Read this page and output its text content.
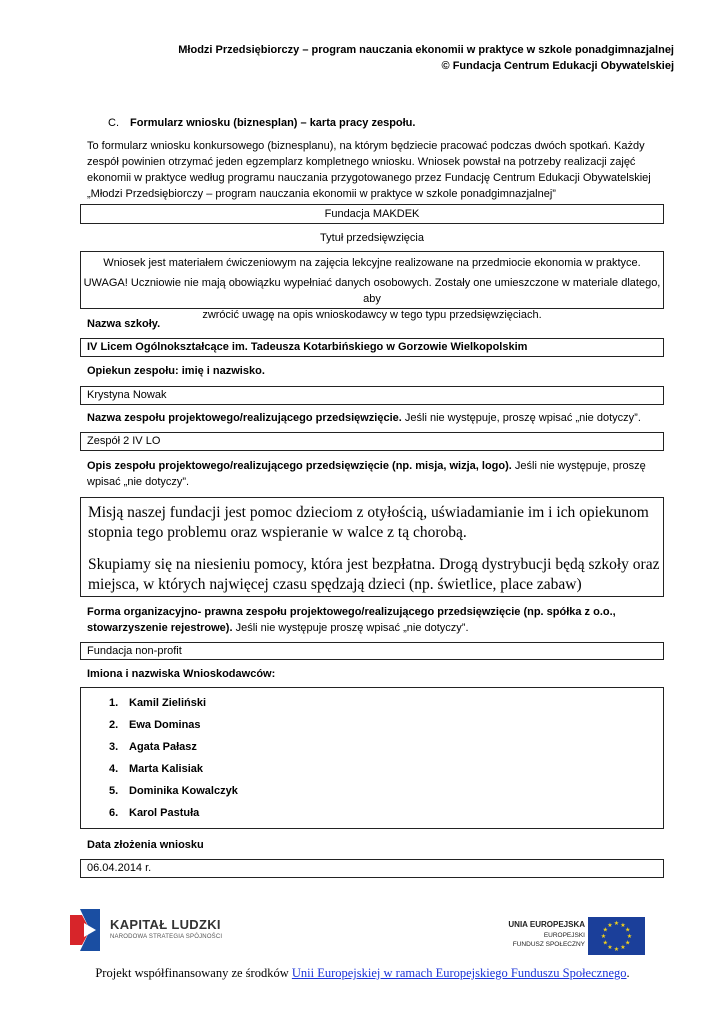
Młodzi Przedsiębiorczy – program nauczania ekonomii w praktyce w szkole ponadgimnazjalnej
© Fundacja Centrum Edukacji Obywatelskiej
C. Formularz wniosku (biznesplan) – karta pracy zespołu.
To formularz wniosku konkursowego (biznesplanu), na którym będziecie pracować podczas dwóch spotkań. Każdy
zespół powinien otrzymać jeden egzemplarz kompletnego wniosku. Wniosek powstał na potrzeby realizacji zajęć
ekonomii w praktyce według programu nauczania przygotowanego przez Fundację Centrum Edukacji Obywatelskiej
„Młodzi Przedsiębiorczy – program nauczania ekonomii w praktyce w szkole ponadgimnazjalnej”
Fundacja MAKDEK
Tytuł przedsięwzięcia
Wniosek jest materiałem ćwiczeniowym na zajęcia lekcyjne realizowane na przedmiocie ekonomia w praktyce.
UWAGA! Uczniowie nie mają obowiązku wypełniać danych osobowych. Zostały one umieszczone w materiale dlatego, aby
zwrócić uwagę na opis wnioskodawcy w tego typu przedsięwzięciach.
Nazwa szkoły.
IV Licem Ogólnokształcące im. Tadeusza Kotarbińskiego w Gorzowie Wielkopolskim
Opiekun zespołu: imię i nazwisko.
Krystyna Nowak
Nazwa zespołu projektowego/realizującego przedsięwzięcie. Jeśli nie występuje, proszę wpisać „nie dotyczy”.
Zespół 2 IV LO
Opis zespołu projektowego/realizującego przedsięwzięcie (np. misja, wizja, logo). Jeśli nie występuje, proszę
wpisać „nie dotyczy”.
Misją naszej fundacji jest pomoc dzieciom z otyłością, uświadamianie im i ich opiekunom
stopnia tego problemu oraz wspieranie w walce z tą chorobą.
Skupiamy się na niesieniu pomocy, która jest bezpłatna. Drogą dystrybucji będą szkoły oraz
miejsca, w których najwięcej czasu spędzają dzieci (np. świetlice, place zabaw)
Forma organizacyjno- prawna zespołu projektowego/realizującego przedsięwzięcie (np. spółka z o.o.,
stowarzyszenie rejestrowe). Jeśli nie występuje proszę wpisać „nie dotyczy”.
Fundacja non-profit
Imiona i nazwiska Wnioskodawców:
1. Kamil Zieliński
2. Ewa Dominas
3. Agata Pałasz
4. Marta Kalisiak
5. Dominika Kowalczyk
6. Karol Pastuła
Data złożenia wniosku
06.04.2014 r.
KAPITAŁ LUDZKI
NARODOWA STRATEGIA SPÓJNOŚCI
UNIA EUROPEJSKA
EUROPEJSKI
FUNDUSZ SPOŁECZNY
★ ★
★
★
★
★
★
★
★
★
★
★
Projekt współfinansowany ze środków Unii Europejskiej w ramach Europejskiego Funduszu Społecznego.
